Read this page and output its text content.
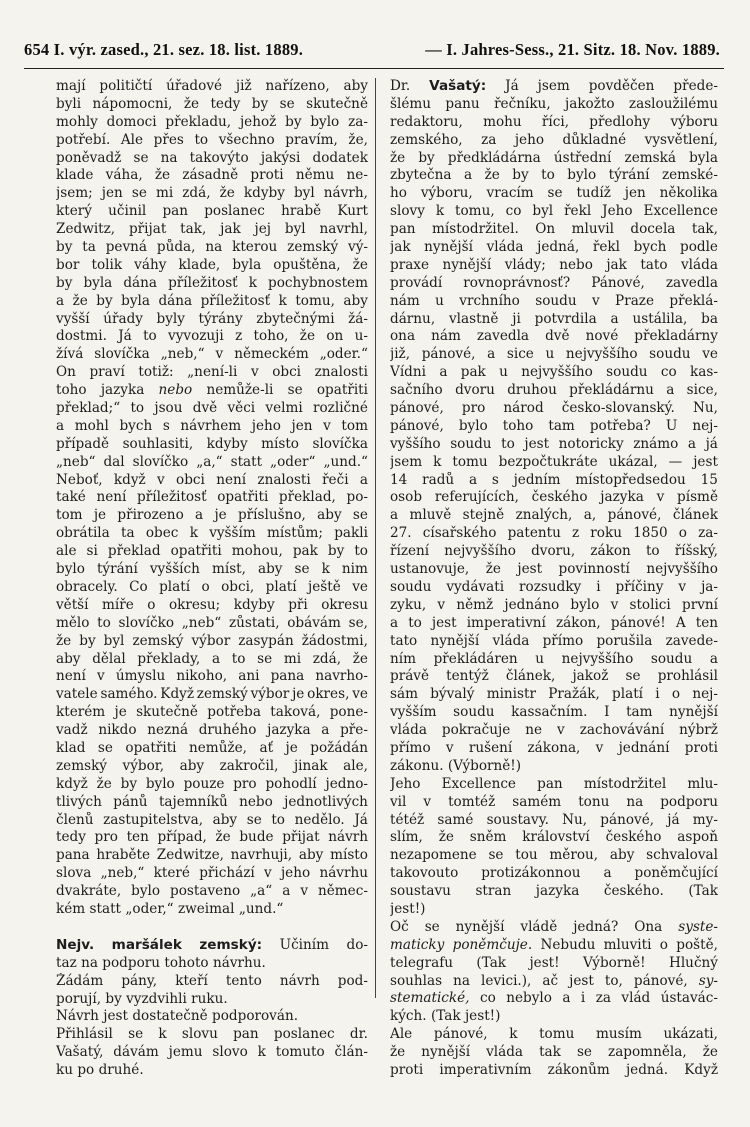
654 I. výr. zased., 21. sez. 18. list. 1889.	— I. Jahres-Sess., 21. Sitz. 18. Nov. 1889.
mají političtí úřadové již nařízeno, aby
byli nápomocni, že tedy by se skutečně
mohly domoci překladu, jehož by bylo za-
potřebí. Ale přes to všechno pravím, že,
poněvadž se na takovýto jakýsi dodatek
klade váha, že zásadně proti němu ne-
jsem; jen se mi zdá, že kdyby byl návrh,
který učinil pan poslanec hrabě Kurt
Zedwitz, přijat tak, jak jej byl navrhl,
by ta pevná půda, na kterou zemský vý-
bor tolik váhy klade, byla opuštěna, že
by byla dána příležitosť k pochybnostem
a že by byla dána příležitosť k tomu, aby
vyšší úřady byly týrány zbytečnými žá-
dostmi. Já to vyvozuji z toho, že on u-
žívá slovíčka „neb,“ v německém „oder.“
On praví totiž: „není-li v obci znalosti
toho jazyka nebo nemůže-li se opatřiti
překlad;“ to jsou dvě věci velmi rozličné
a mohl bych s návrhem jeho jen v tom
případě souhlasiti, kdyby místo slovíčka
„neb“ dal slovíčko „a,“ statt „oder“ „und.“
Neboť, když v obci není znalosti řeči a
také není příležitosť opatřiti překlad, po-
tom je přirozeno a je příslušno, aby se
obrátila ta obec k vyšším místům; pakli
ale si překlad opatřiti mohou, pak by to
bylo týrání vyšších míst, aby se k nim
obracely. Co platí o obci, platí ještě ve
větší míře o okresu; kdyby při okresu
mělo to slovíčko „neb“ zůstati, obávám se,
že by byl zemský výbor zasypán žádostmi,
aby dělal překlady, a to se mi zdá, že
není v úmyslu nikoho, ani pana navrho-
vatele samého. Když zemský výbor je okres, ve
kterém je skutečně potřeba taková, pone-
vadž nikdo nezná druhého jazyka a pře-
klad se opatřiti nemůže, ať je požádán
zemský výbor, aby zakročil, jinak ale,
když že by bylo pouze pro pohodlí jedno-
tlivých pánů tajemníků nebo jednotlivých
členů zastupitelstva, aby se to nedělo. Já
tedy pro ten případ, že bude přijat návrh
pana hraběte Zedwitze, navrhuji, aby místo
slova „neb,“ které přichází v jeho návrhu
dvakráte, bylo postaveno „a“ a v němec-
kém statt „oder,“ zweimal „und.“
Nejv. maršálek zemský: Učiním do-
taz na podporu tohoto návrhu.
Žádám pány, kteří tento návrh pod-
porují, by vyzdvihli ruku.
Návrh jest dostatečně podporován.
Přihlásil se k slovu pan poslanec dr.
Vašatý, dávám jemu slovo k tomuto člán-
ku po druhé.
Dr. Vašatý: Já jsem povděčen přede-
šlému panu řečníku, jakožto zasloužilému
redaktoru, mohu říci, předlohy výboru
zemského, za jeho důkladné vysvětlení,
že by předkládárna ústřední zemská byla
zbytečna a že by to bylo týrání zemské-
ho výboru, vracím se tudíž jen několika
slovy k tomu, co byl řekl Jeho Excellence
pan místodržitel. On mluvil docela tak,
jak nynější vláda jedná, řekl bych podle
praxe nynější vlády; nebo jak tato vláda
provádí rovnoprávnosť? Pánové, zavedla
nám u vrchního soudu v Praze překlá-
dárnu, vlastně ji potvrdila a ustálila, ba
ona nám zavedla dvě nové překladárny
již, pánové, a sice u nejvyššího soudu ve
Vídni a pak u nejvyššího soudu co kas-
sačního dvoru druhou překládárnu a sice,
pánové, pro národ česko-slovanský. Nu,
pánové, bylo toho tam potřeba? U nej-
vyššího soudu to jest notoricky známo a já
jsem k tomu bezpočtukráte ukázal, — jest
14 radů a s jedním místopředsedou 15
osob referujících, českého jazyka v písmě
a mluvě stejně znalých, a, pánové, článek
27. císařského patentu z roku 1850 o za-
řízení nejvyššího dvoru, zákon to říšský,
ustanovuje, že jest povinností nejvyššího
soudu vydávati rozsudky i příčiny v ja-
zyku, v němž jednáno bylo v stolici první
a to jest imperativní zákon, pánové! A ten
tato nynější vláda přímo porušila zavede-
ním překládáren u nejvyššího soudu a
právě tentýž článek, jakož se prohlásil
sám bývalý ministr Pražák, platí i o nej-
vyšším soudu kassačním. I tam nynější
vláda pokračuje ne v zachovávání nýbrž
přímo v rušení zákona, v jednání proti
zákonu. (Výborně!)
Jeho Excellence pan místodržitel mlu-
vil v tomtéž samém tonu na podporu
tétéž samé soustavy. Nu, pánové, já my-
slím, že sněm království českého aspoň
nezapomene se tou měrou, aby schvaloval
takovouto protizákonnou a poněmčující
soustavu stran jazyka českého. (Tak
jest!)
Oč se nynější vládě jedná? Ona syste-
maticky poněmčuje. Nebudu mluviti o poště,
telegrafu (Tak jest! Výborně! Hlučný
souhlas na levici.), ač jest to, pánové, sy-
stematické, co nebylo a i za vlád ústavác-
kých. (Tak jest!)
Ale pánové, k tomu musím ukázati,
že nynější vláda tak se zapomněla, že
proti imperativním zákonům jedná. Když
